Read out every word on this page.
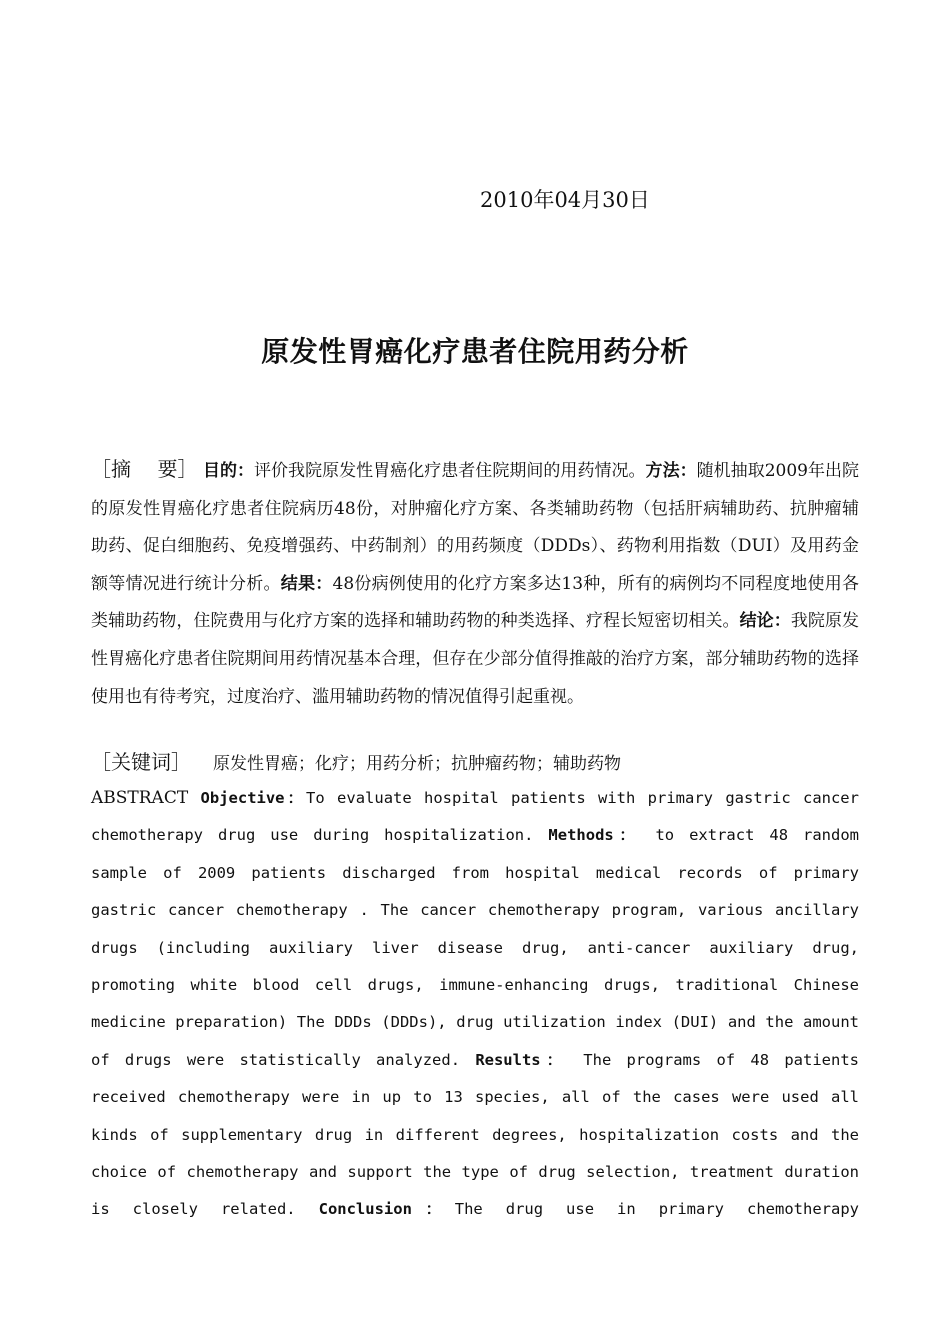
2010年04月30日
原发性胃癌化疗患者住院用药分析
［摘　 要］ 目的：评价我院原发性胃癌化疗患者住院期间的用药情况。方法：随机抽取2009年出院的原发性胃癌化疗患者住院病历48份，对肿瘤化疗方案、各类辅助药物（包括肝病辅助药、抗肿瘤辅助药、促白细胞药、免疫增强药、中药制剂）的用药频度（DDDs）、药物利用指数（DUI）及用药金额等情况进行统计分析。结果：48份病例使用的化疗方案多达13种，所有的病例均不同程度地使用各类辅助药物，住院费用与化疗方案的选择和辅助药物的种类选择、疗程长短密切相关。结论：我院原发性胃癌化疗患者住院期间用药情况基本合理，但存在少部分值得推敲的治疗方案，部分辅助药物的选择使用也有待考究，过度治疗、滥用辅助药物的情况值得引起重视。
［关键词］ 原发性胃癌；化疗；用药分析；抗肿瘤药物；辅助药物
ABSTRACT Objective：To evaluate hospital patients with primary gastric cancer chemotherapy drug use during hospitalization. Methods： to extract 48 random sample of 2009 patients discharged from hospital medical records of primary gastric cancer chemotherapy . The cancer chemotherapy program, various ancillary drugs (including auxiliary liver disease drug, anti-cancer auxiliary drug, promoting white blood cell drugs, immune-enhancing drugs, traditional Chinese medicine preparation) The DDDs (DDDs), drug utilization index (DUI) and the amount of drugs were statistically analyzed. Results： The programs of 48 patients received chemotherapy were in up to 13 species, all of the cases were used all kinds of supplementary drug in different degrees, hospitalization costs and the choice of chemotherapy and support the type of drug selection, treatment duration is closely related. Conclusion：The drug use in primary chemotherapy
